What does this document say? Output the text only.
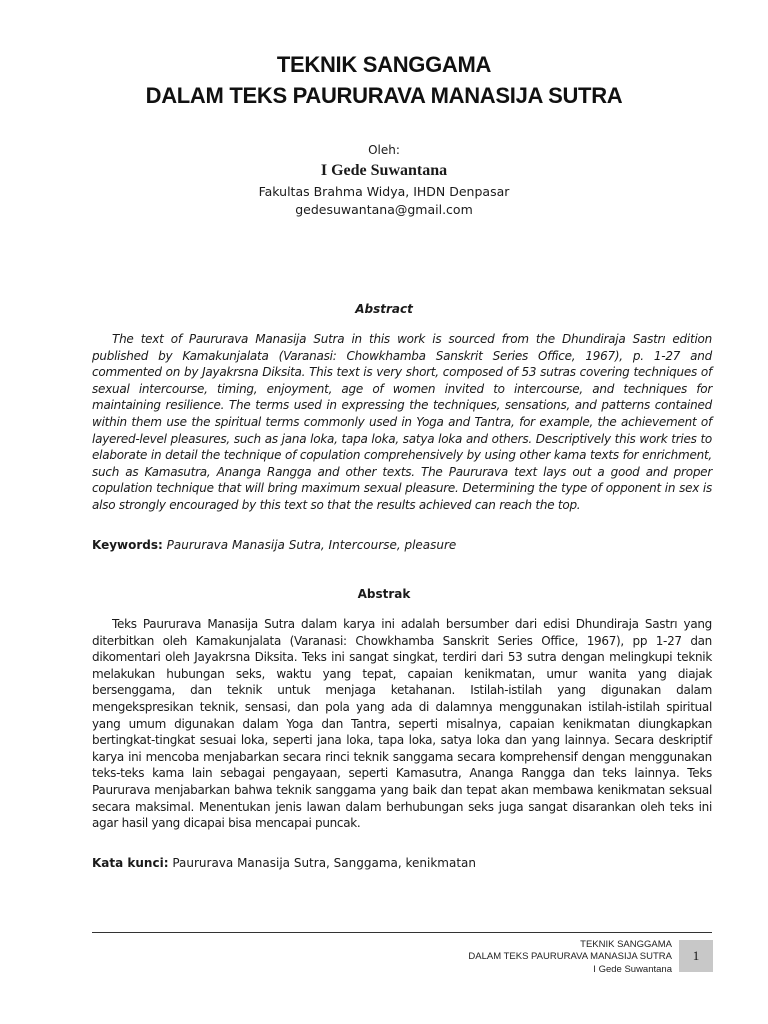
TEKNIK SANGGAMA
DALAM TEKS PAURURAVA MANASIJA SUTRA
Oleh:
I Gede Suwantana
Fakultas Brahma Widya, IHDN Denpasar
gedesuwantana@gmail.com
Abstract

The text of Paururava Manasija Sutra in this work is sourced from the Dhundiraja Sastrı edition published by Kamakunjalata (Varanasi: Chowkhamba Sanskrit Series Office, 1967), p. 1-27 and commented on by Jayakrsna Diksita. This text is very short, composed of 53 sutras covering techniques of sexual intercourse, timing, enjoyment, age of women invited to intercourse, and techniques for maintaining resilience. The terms used in expressing the techniques, sensations, and patterns contained within them use the spiritual terms commonly used in Yoga and Tantra, for example, the achievement of layered-level pleasures, such as jana loka, tapa loka, satya loka and others. Descriptively this work tries to elaborate in detail the technique of copulation comprehensively by using other kama texts for enrichment, such as Kamasutra, Ananga Rangga and other texts. The Paururava text lays out a good and proper copulation technique that will bring maximum sexual pleasure. Determining the type of opponent in sex is also strongly encouraged by this text so that the results achieved can reach the top.

Keywords: Paururava Manasija Sutra, Intercourse, pleasure

Abstrak

Teks Paururava Manasija Sutra dalam karya ini adalah bersumber dari edisi Dhundiraja Sastrı yang diterbitkan oleh Kamakunjalata (Varanasi: Chowkhamba Sanskrit Series Office, 1967), pp 1-27 dan dikomentari oleh Jayakrsna Diksita. Teks ini sangat singkat, terdiri dari 53 sutra dengan melingkupi teknik melakukan hubungan seks, waktu yang tepat, capaian kenikmatan, umur wanita yang diajak bersenggama, dan teknik untuk menjaga ketahanan. Istilah-istilah yang digunakan dalam mengekspresikan teknik, sensasi, dan pola yang ada di dalamnya menggunakan istilah-istilah spiritual yang umum digunakan dalam Yoga dan Tantra, seperti misalnya, capaian kenikmatan diungkapkan bertingkat-tingkat sesuai loka, seperti jana loka, tapa loka, satya loka dan yang lainnya. Secara deskriptif karya ini mencoba menjabarkan secara rinci teknik sanggama secara komprehensif dengan menggunakan teks-teks kama lain sebagai pengayaan, seperti Kamasutra, Ananga Rangga dan teks lainnya. Teks Paururava menjabarkan bahwa teknik sanggama yang baik dan tepat akan membawa kenikmatan seksual secara maksimal. Menentukan jenis lawan dalam berhubungan seks juga sangat disarankan oleh teks ini agar hasil yang dicapai bisa mencapai puncak.

Kata kunci: Paururava Manasija Sutra, Sanggama, kenikmatan

TEKNIK SANGGAMA
DALAM TEKS PAURURAVA MANASIJA SUTRA
I Gede Suwantana
1
